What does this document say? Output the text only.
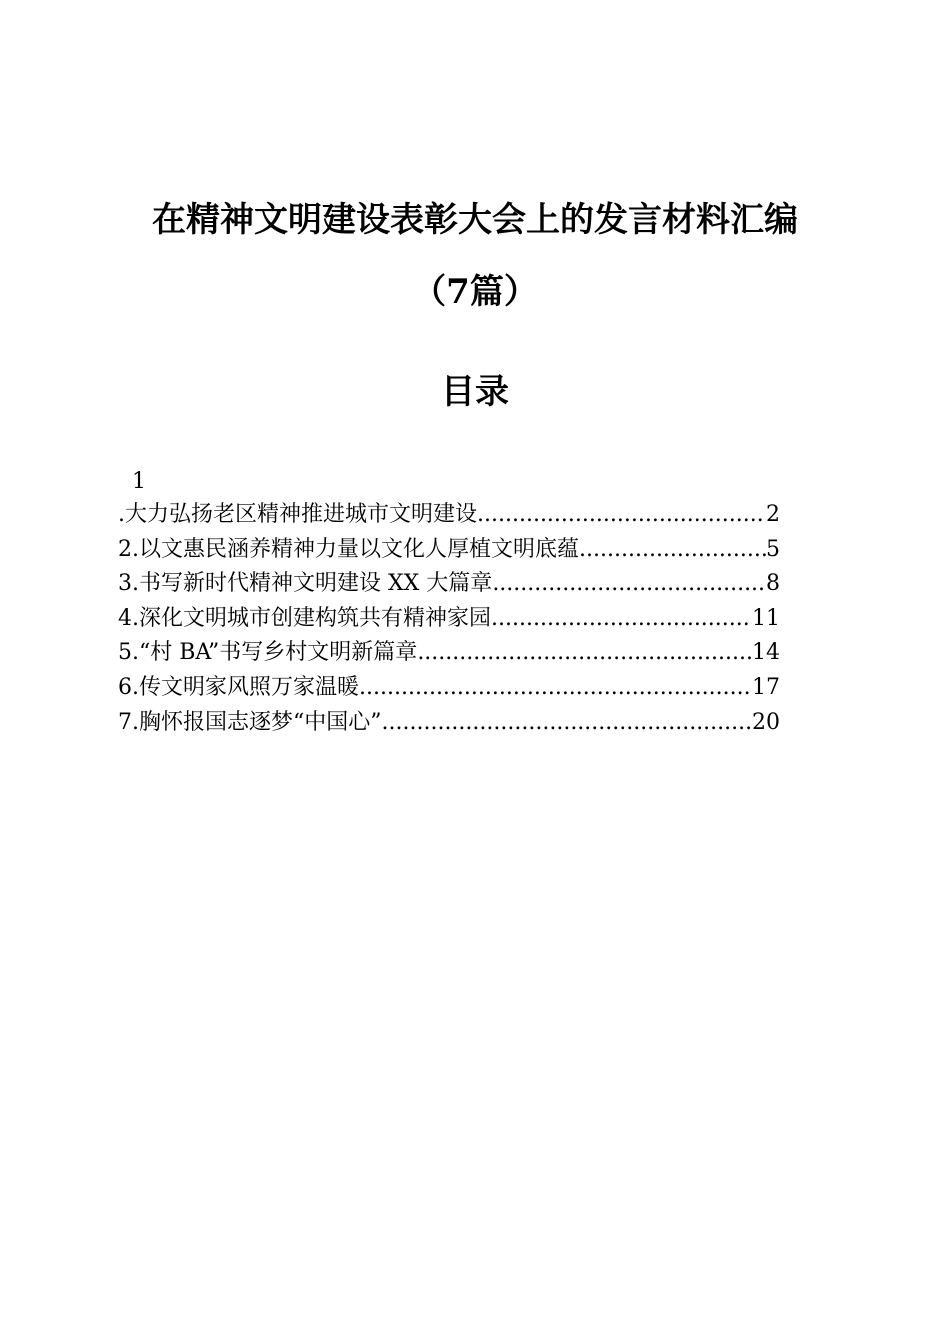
在精神文明建设表彰大会上的发言材料汇编
（7篇）
目录
1
.大力弘扬老区精神推进城市文明建设 .....	2
2. 以文惠民涵养精神力量以文化人厚植文明底蕴 .....	5
3. 书写新时代精神文明建设 XX 大篇章 .....	8
4. 深化文明城市创建构筑共有精神家园 .....	11
5. “村 BA”书写乡村文明新篇章 .....	14
6. 传文明家风照万家温暖 .....	17
7. 胸怀报国志逐梦“中国心” .....	20
